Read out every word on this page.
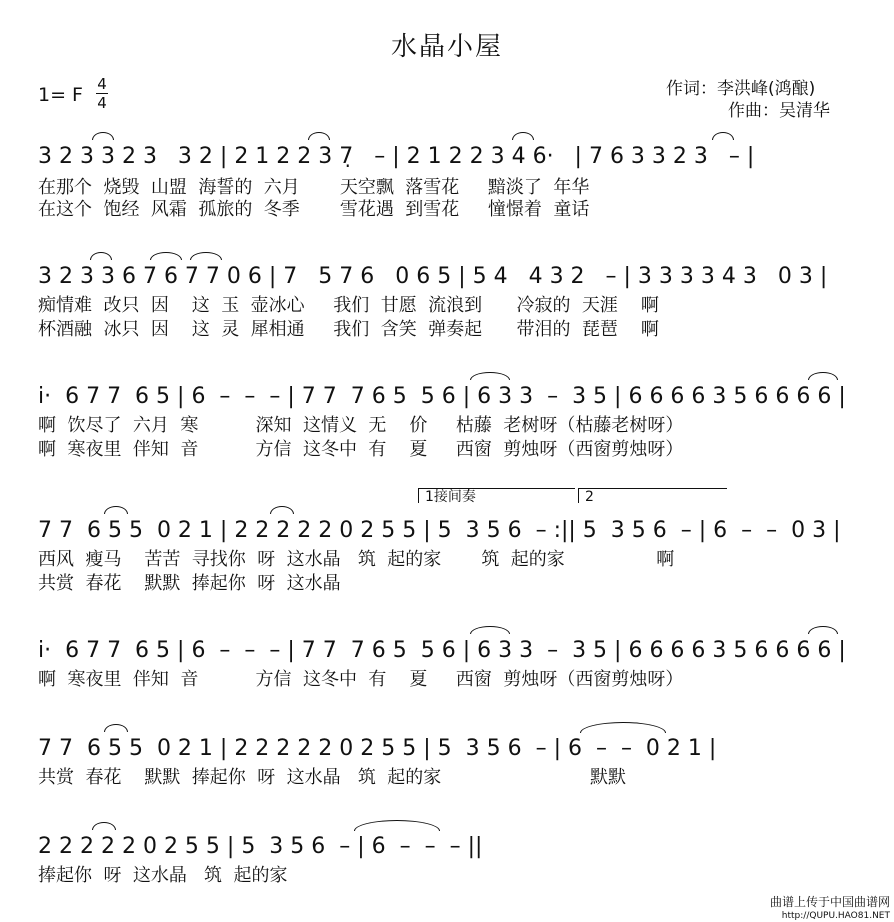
水晶小屋
1= F 4
4
作词：李洪峰(鸿酿)
作曲：吴清华
3 2 3 3 2 3   3 2 | 2 1 2 2 3 7̣   – | 2 1 2 2 3 4 6·   | 7 6 3 3 2 3   – |
在那个  烧毁  山盟  海誓的  六月       天空飘  落雪花     黯淡了  年华
在这个  饱经  风霜  孤旅的  冬季       雪花遇  到雪花     憧憬着  童话
3 2 3 3 6 7 6 7 7 0 6 | 7   5 7 6   0 6 5 | 5 4   4 3 2   – | 3 3 3 3 4 3   0 3 |
痴情难  改只  因    这  玉  壶冰心     我们  甘愿  流浪到      冷寂的  天涯    啊
杯酒融  冰只  因    这  灵  犀相通     我们  含笑  弹奏起      带泪的  琵琶    啊
i·  6 7 7  6 5 | 6  –  –  – | 7 7  7 6 5  5 6 | 6 3 3  –  3 5 | 6 6 6 6 3 5 6 6 6 6 |
啊  饮尽了  六月  寒          深知  这情义  无    价     枯藤  老树呀（枯藤老树呀）
啊  寒夜里  伴知  音          方信  这冬中  有    夏     西窗  剪烛呀（西窗剪烛呀）
1接间奏	2
7 7  6 5 5  0 2 1 | 2 2 2 2 2 0 2 5 5 | 5  3 5 6  – :|| 5  3 5 6  – | 6  –  –  0 3 |
西风  瘦马    苦苦  寻找你  呀  这水晶   筑  起的家       筑  起的家                啊
共赏  春花    默默  捧起你  呀  这水晶
i·  6 7 7  6 5 | 6  –  –  – | 7 7  7 6 5  5 6 | 6 3 3  –  3 5 | 6 6 6 6 3 5 6 6 6 6 |
啊  寒夜里  伴知  音          方信  这冬中  有    夏     西窗  剪烛呀（西窗剪烛呀）
7 7  6 5 5  0 2 1 | 2 2 2 2 2 0 2 5 5 | 5  3 5 6  – | 6  –  –  0 2 1 |
共赏  春花    默默  捧起你  呀  这水晶   筑  起的家                          默默
2 2 2 2 2 0 2 5 5 | 5  3 5 6  – | 6  –  –  – ||
捧起你  呀  这水晶   筑  起的家
曲谱上传于中国曲谱网
http://QUPU.HAO81.NET
